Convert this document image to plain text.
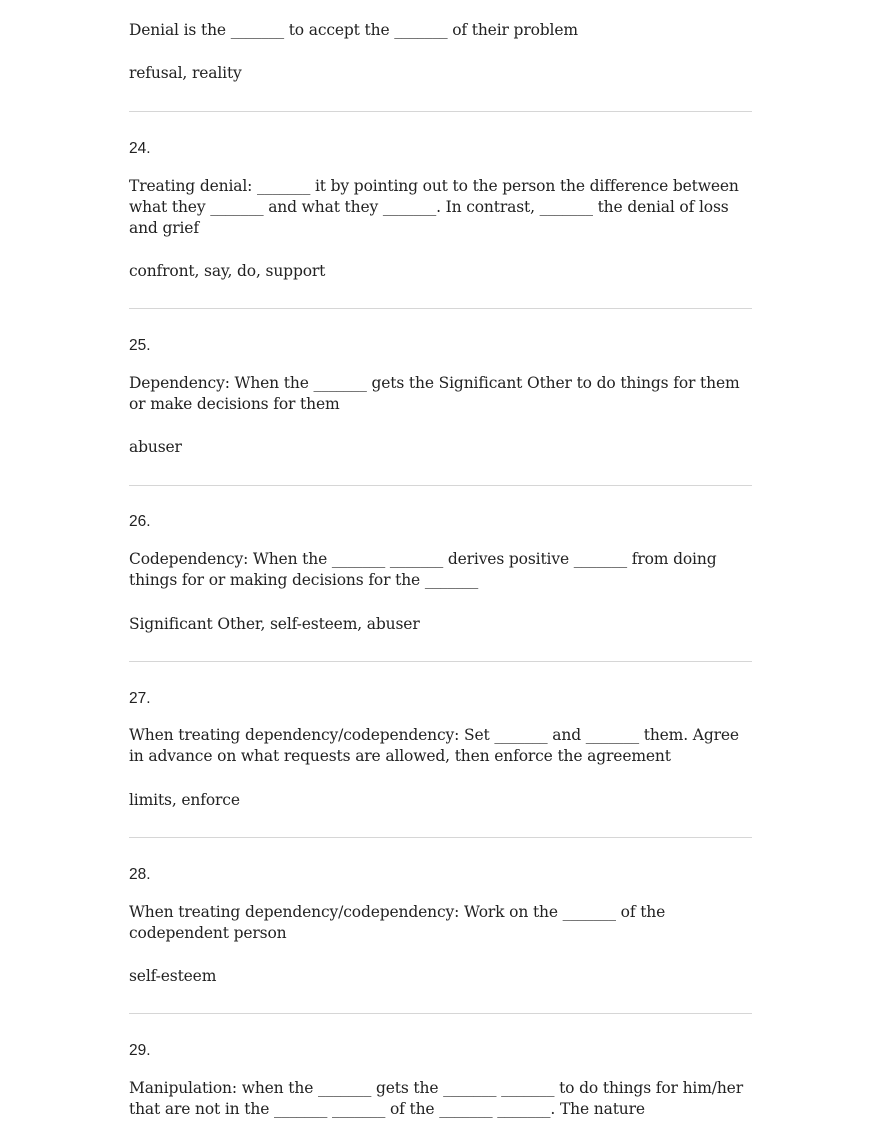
Denial is the _______ to accept the _______ of their problem

refusal, reality

24.

Treating denial: _______ it by pointing out to the person the difference between what they _______ and what they _______. In contrast, _______ the denial of loss and grief

confront, say, do, support

25.

Dependency: When the _______ gets the Significant Other to do things for them or make decisions for them

abuser

26.

Codependency: When the _______ _______ derives positive _______ from doing things for or making decisions for the _______

Significant Other, self-esteem, abuser

27.

When treating dependency/codependency: Set _______ and _______ them. Agree in advance on what requests are allowed, then enforce the agreement

limits, enforce

28.

When treating dependency/codependency: Work on the _______ of the codependent person

self-esteem

29.

Manipulation: when the _______ gets the _______ _______ to do things for him/her that are not in the _______ _______ of the _______ _______. The nature
